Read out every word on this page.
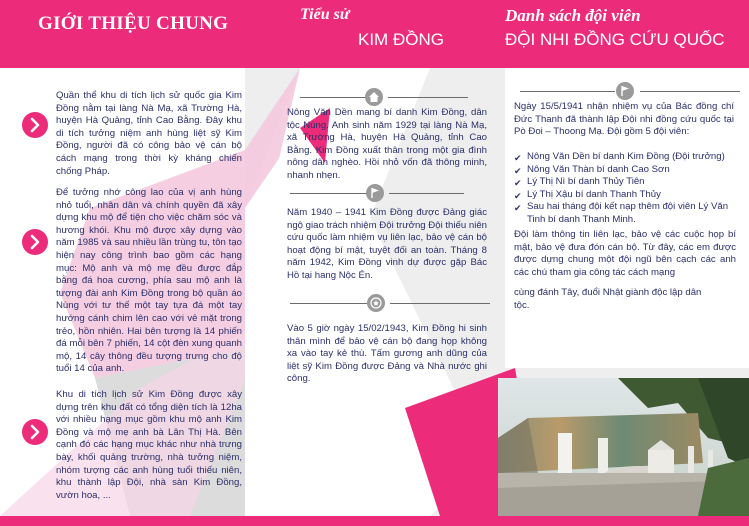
GIỚI THIỆU CHUNG	Tiểu sử
KIM ĐỒNG
Danh sách đội viên
ĐỘI NHI ĐỒNG CỨU QUỐC
Quần thể khu di tích lịch sử quốc gia Kim Đồng nằm tại làng Nà Mạ, xã Trường Hà, huyện Hà Quảng, tỉnh Cao Bằng. Đây khu di tích tưởng niệm anh hùng liệt sỹ Kim Đồng, người đã có công bảo vệ cán bộ cách mạng trong thời kỳ kháng chiến chống Pháp.
Để tưởng nhớ công lao của vị anh hùng nhỏ tuổi, nhân dân và chính quyền đã xây dựng khu mộ để tiện cho việc chăm sóc và hương khói. Khu mộ được xây dựng vào năm 1985 và sau nhiều lần trùng tu, tôn tạo hiện nay công trình bao gồm các hạng mục: Mộ anh và mộ mẹ đều được đắp bằng đá hoa cương, phía sau mộ anh là tượng đài anh Kim Đồng trong bộ quần áo Nùng với tư thế một tay tựa đá một tay hướng cánh chim lên cao với vẻ mặt trong trẻo, hồn nhiên. Hai bên tượng là 14 phiến đá mỗi bên 7 phiến, 14 cột đèn xung quanh mộ, 14 cây thông đều tượng trưng cho độ tuổi 14 của anh.
Khu di tích lịch sử Kim Đồng được xây dựng trên khu đất có tổng diện tích là 12ha với nhiều hạng mục gồm khu mộ anh Kim Đồng và mộ mẹ anh bà Lân Thị Hà. Bên cạnh đó các hạng mục khác như nhà trưng bày, khối quảng trường, nhà tưởng niệm, nhóm tượng các anh hùng tuổi thiếu niên, khu thành lập Đội, nhà sàn Kim Đồng, vườn hoa, ...
Nông Văn Dền mang bí danh Kim Đồng, dân tộc Nùng. Anh sinh năm 1929 tại làng Nà Mạ, xã Trường Hà, huyện Hà Quảng, tỉnh Cao Bằng. Kim Đồng xuất thân trong một gia đình nông dân nghèo. Hồi nhỏ vốn đã thông minh, nhanh nhẹn.
Năm 1940 – 1941 Kim Đồng được Đảng giác ngộ giao trách nhiệm Đội trưởng Đội thiếu niên cứu quốc làm nhiệm vụ liên lạc, bảo vệ cán bộ hoạt động bí mật, tuyệt đối an toàn. Tháng 8 năm 1942, Kim Đồng vinh dự được gặp Bác Hồ tại hang Nộc Én.
Vào 5 giờ ngày 15/02/1943, Kim Đồng hi sinh thân mình để bảo vệ cán bộ đang họp không xa vào tay kẻ thù. Tấm gương anh dũng của liệt sỹ Kim Đồng được Đảng và Nhà nước ghi công.
Ngày 15/5/1941 nhận nhiệm vụ của Bác đồng chí Đức Thanh đã thành lập Đội nhi đồng cứu quốc tại Pò Đoi – Thoong Mạ. Đội gồm 5 đội viên:
✔ Nông Văn Dền bí danh Kim Đồng (Đội trưởng)
✔ Nông Văn Thàn bí danh Cao Sơn
✔ Lý Thị Nì bí danh Thủy Tiên
✔ Lý Thị Xậu bí danh Thanh Thủy
✔ Sau hai tháng đội kết nạp thêm đội viên Lý Văn Tinh bí danh Thanh Minh.
Đội làm thông tin liên lạc, bảo vệ các cuộc họp bí mật, bảo vệ đưa đón cán bộ. Từ đây, các em được được dựng chung một đội ngũ bên cạch các anh các chú tham gia công tác cách mạng
cùng đánh Tây, đuổi Nhật giành độc lập dân tộc.
